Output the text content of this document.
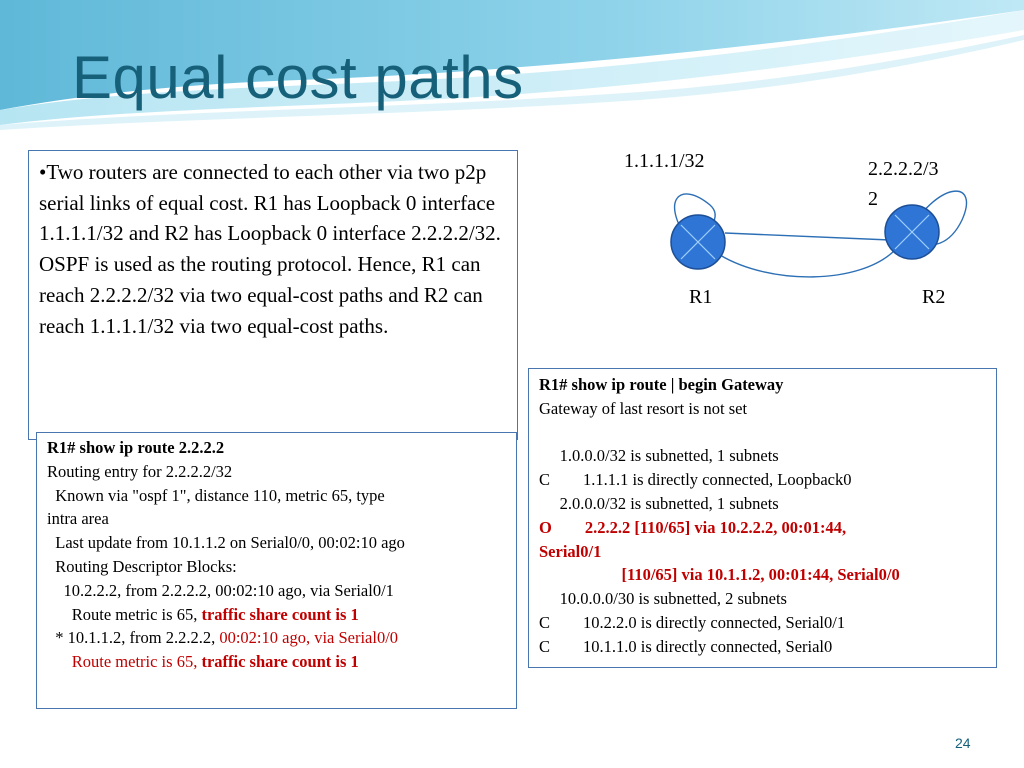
Equal cost paths
•Two routers are connected to each other via two p2p serial links of equal cost. R1 has Loopback 0 interface 1.1.1.1/32 and R2 has Loopback 0 interface 2.2.2.2/32. OSPF is used as the routing protocol. Hence, R1 can reach 2.2.2.2/32 via two equal-cost paths and R2 can reach 1.1.1.1/32 via two equal-cost paths.
1.1.1.1/32	2.2.2.2/3
2
R1	R2
R1# show ip route 2.2.2.2
Routing entry for 2.2.2.2/32
Known via "ospf 1", distance 110, metric 65, type
intra area
Last update from 10.1.1.2 on Serial0/0, 00:02:10 ago
Routing Descriptor Blocks:
10.2.2.2, from 2.2.2.2, 00:02:10 ago, via Serial0/1
Route metric is 65, traffic share count is 1
* 10.1.1.2, from 2.2.2.2, 00:02:10 ago, via Serial0/0
Route metric is 65, traffic share count is 1
R1# show ip route | begin Gateway
Gateway of last resort is not set

1.0.0.0/32 is subnetted, 1 subnets
C        1.1.1.1 is directly connected, Loopback0
2.0.0.0/32 is subnetted, 1 subnets
O        2.2.2.2 [110/65] via 10.2.2.2, 00:01:44,
Serial0/1
[110/65] via 10.1.1.2, 00:01:44, Serial0/0
10.0.0.0/30 is subnetted, 2 subnets
C        10.2.2.0 is directly connected, Serial0/1
C        10.1.1.0 is directly connected, Serial0
24
